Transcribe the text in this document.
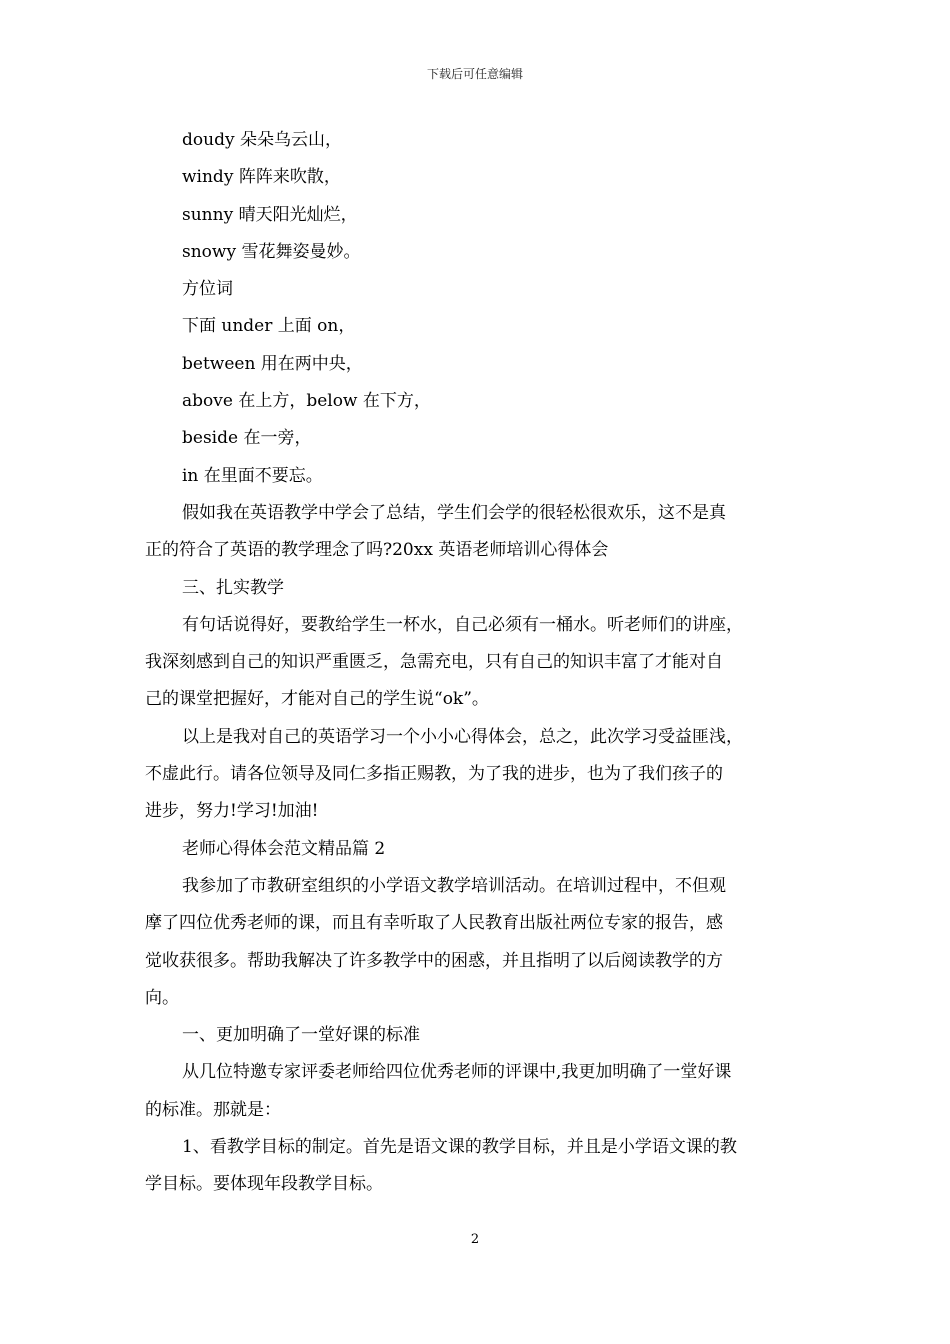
下载后可任意编辑
doudy 朵朵乌云山，
windy 阵阵来吹散，
sunny 晴天阳光灿烂，
snowy 雪花舞姿曼妙。
方位词
下面 under 上面 on，
between 用在两中央，
above 在上方，below 在下方，
beside 在一旁，
in 在里面不要忘。
假如我在英语教学中学会了总结，学生们会学的很轻松很欢乐，这不是真
正的符合了英语的教学理念了吗?20xx 英语老师培训心得体会
三、扎实教学
有句话说得好，要教给学生一杯水，自己必须有一桶水。听老师们的讲座，
我深刻感到自己的知识严重匮乏，急需充电，只有自己的知识丰富了才能对自
己的课堂把握好，才能对自己的学生说“ok”。
以上是我对自己的英语学习一个小小心得体会，总之，此次学习受益匪浅，
不虚此行。请各位领导及同仁多指正赐教，为了我的进步，也为了我们孩子的
进步，努力!学习!加油!
老师心得体会范文精品篇 2
我参加了市教研室组织的小学语文教学培训活动。在培训过程中，不但观
摩了四位优秀老师的课，而且有幸听取了人民教育出版社两位专家的报告，感
觉收获很多。帮助我解决了许多教学中的困惑，并且指明了以后阅读教学的方
向。
一、更加明确了一堂好课的标准
从几位特邀专家评委老师给四位优秀老师的评课中,我更加明确了一堂好课
的标准。那就是：
1、看教学目标的制定。首先是语文课的教学目标，并且是小学语文课的教
学目标。要体现年段教学目标。
2
